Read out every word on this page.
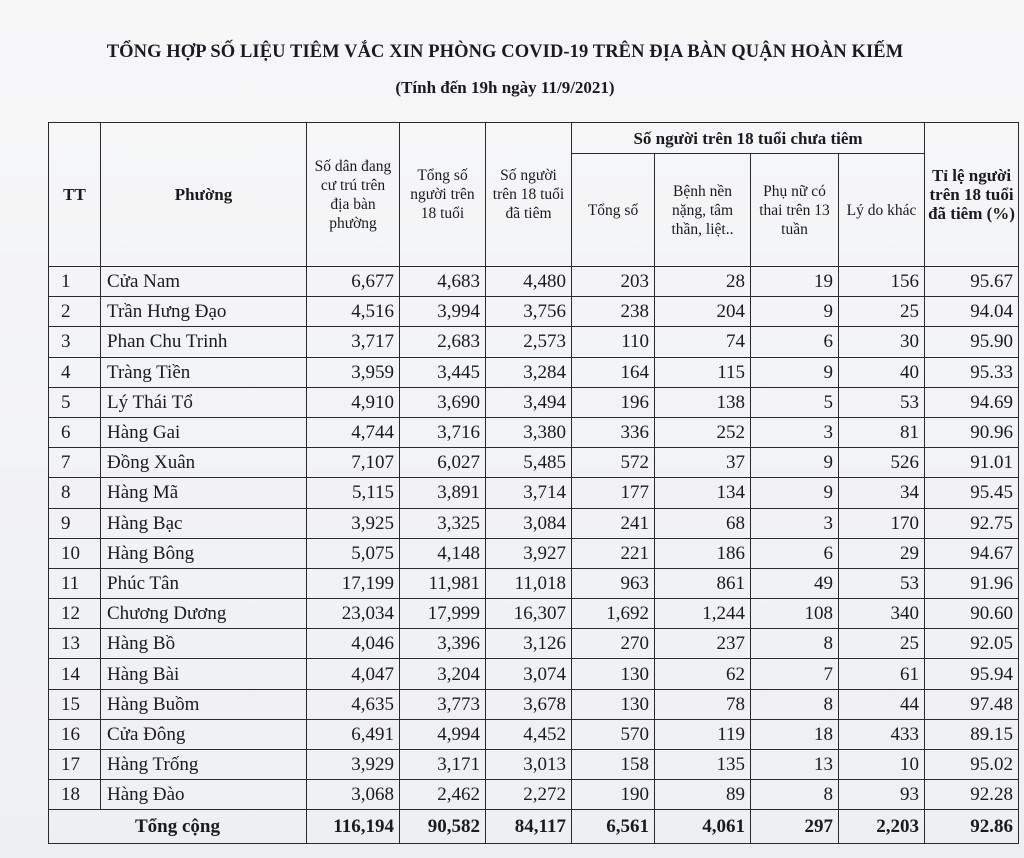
TỔNG HỢP SỐ LIỆU TIÊM VẮC XIN PHÒNG COVID-19 TRÊN ĐỊA BÀN QUẬN HOÀN KIẾM
(Tính đến 19h ngày 11/9/2021)
TT	Phường	Số dân đang cư trú trên địa bàn phường	Tổng số người trên 18 tuổi	Số người trên 18 tuổi đã tiêm	Số người trên 18 tuổi chưa tiêm				Tỉ lệ người trên 18 tuổi đã tiêm (%)
					Tổng số	Bệnh nền nặng, tâm thần, liệt..	Phụ nữ có thai trên 13 tuần	Lý do khác	
1	Cửa Nam	6,677	4,683	4,480	203	28	19	156	95.67
2	Trần Hưng Đạo	4,516	3,994	3,756	238	204	9	25	94.04
3	Phan Chu Trinh	3,717	2,683	2,573	110	74	6	30	95.90
4	Tràng Tiền	3,959	3,445	3,284	164	115	9	40	95.33
5	Lý Thái Tổ	4,910	3,690	3,494	196	138	5	53	94.69
6	Hàng Gai	4,744	3,716	3,380	336	252	3	81	90.96
7	Đồng Xuân	7,107	6,027	5,485	572	37	9	526	91.01
8	Hàng Mã	5,115	3,891	3,714	177	134	9	34	95.45
9	Hàng Bạc	3,925	3,325	3,084	241	68	3	170	92.75
10	Hàng Bông	5,075	4,148	3,927	221	186	6	29	94.67
11	Phúc Tân	17,199	11,981	11,018	963	861	49	53	91.96
12	Chương Dương	23,034	17,999	16,307	1,692	1,244	108	340	90.60
13	Hàng Bồ	4,046	3,396	3,126	270	237	8	25	92.05
14	Hàng Bài	4,047	3,204	3,074	130	62	7	61	95.94
15	Hàng Buồm	4,635	3,773	3,678	130	78	8	44	97.48
16	Cửa Đông	6,491	4,994	4,452	570	119	18	433	89.15
17	Hàng Trống	3,929	3,171	3,013	158	135	13	10	95.02
18	Hàng Đào	3,068	2,462	2,272	190	89	8	93	92.28
Tổng cộng		116,194	90,582	84,117	6,561	4,061	297	2,203	92.86
